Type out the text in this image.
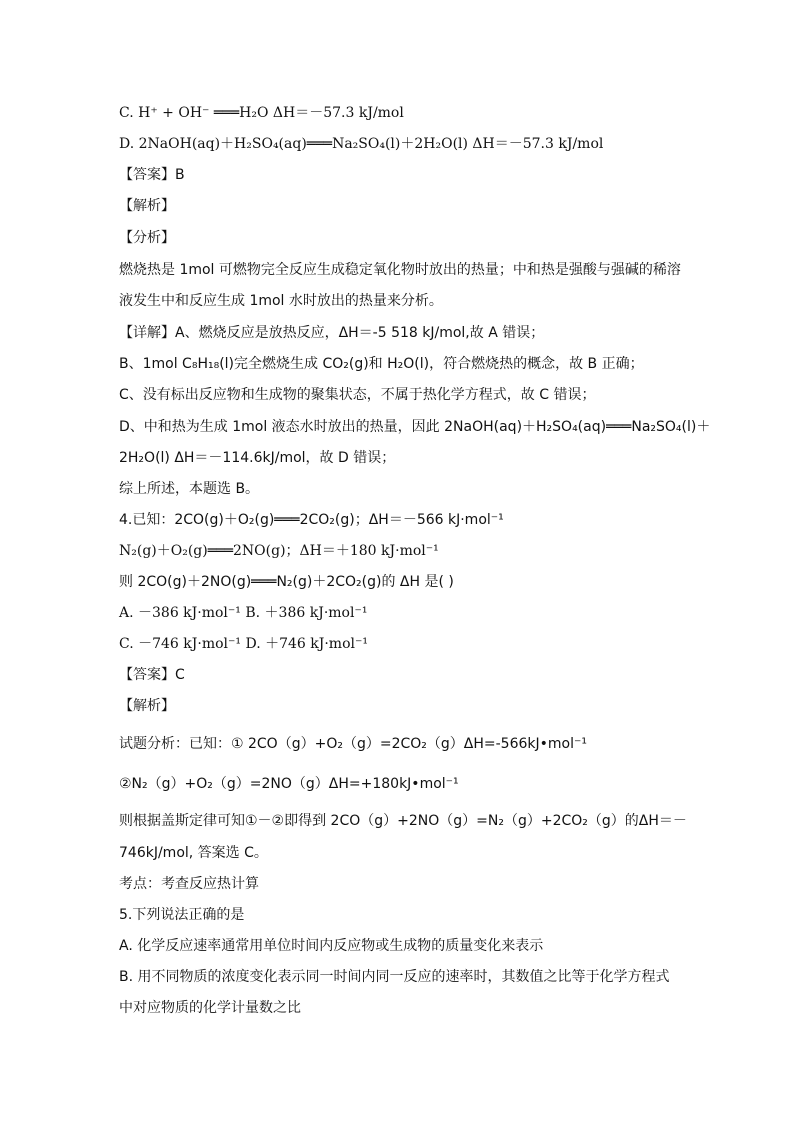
C. H⁺ + OH⁻ ═══H₂O ΔH＝－57.3 kJ/mol
D. 2NaOH(aq)＋H₂SO₄(aq)═══Na₂SO₄(l)＋2H₂O(l) ΔH＝－57.3 kJ/mol
【答案】B
【解析】
【分析】
燃烧热是 1mol 可燃物完全反应生成稳定氧化物时放出的热量；中和热是强酸与强碱的稀溶
液发生中和反应生成 1mol 水时放出的热量来分析。
【详解】A、燃烧反应是放热反应，ΔH＝-5 518 kJ/mol,故 A 错误；
B、1mol C₈H₁₈(l)完全燃烧生成 CO₂(g)和 H₂O(l)，符合燃烧热的概念，故 B 正确；
C、没有标出反应物和生成物的聚集状态，不属于热化学方程式，故 C 错误；
D、中和热为生成 1mol 液态水时放出的热量，因此 2NaOH(aq)＋H₂SO₄(aq)═══Na₂SO₄(l)＋
2H₂O(l) ΔH＝－114.6kJ/mol，故 D 错误；
综上所述，本题选 B。
4.已知：2CO(g)＋O₂(g)═══2CO₂(g)；ΔH＝－566 kJ·mol⁻¹
N₂(g)＋O₂(g)═══2NO(g)；ΔH＝＋180 kJ·mol⁻¹
则 2CO(g)＋2NO(g)═══N₂(g)＋2CO₂(g)的 ΔH 是( )
A. －386 kJ·mol⁻¹ B. ＋386 kJ·mol⁻¹
C. －746 kJ·mol⁻¹ D. ＋746 kJ·mol⁻¹
【答案】C
【解析】
试题分析：已知：① 2CO（g）+O₂（g）=2CO₂（g）ΔH=-566kJ•mol⁻¹
②N₂（g）+O₂（g）=2NO（g）ΔH=+180kJ•mol⁻¹
则根据盖斯定律可知①－②即得到 2CO（g）+2NO（g）=N₂（g）+2CO₂（g）的ΔH＝－
746kJ/mol, 答案选 C。
考点：考查反应热计算
5.下列说法正确的是
A. 化学反应速率通常用单位时间内反应物或生成物的质量变化来表示
B. 用不同物质的浓度变化表示同一时间内同一反应的速率时，其数值之比等于化学方程式
中对应物质的化学计量数之比
